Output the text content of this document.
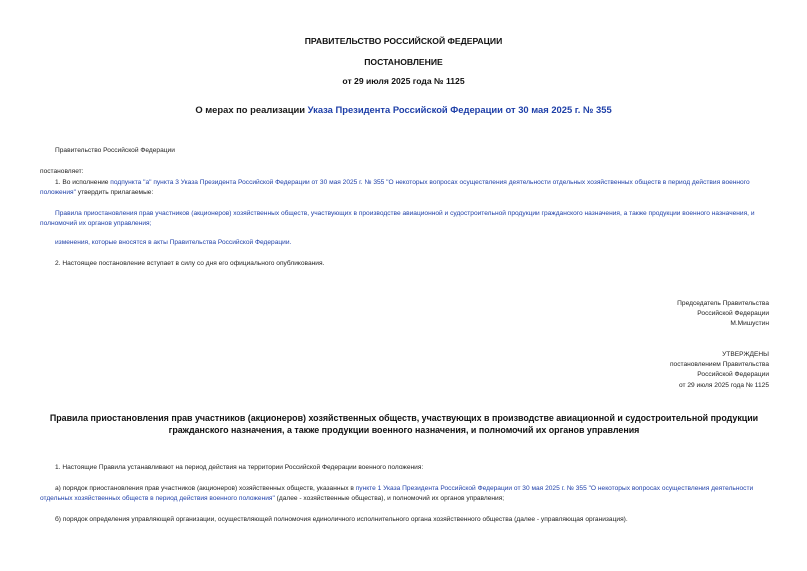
ПРАВИТЕЛЬСТВО РОССИЙСКОЙ ФЕДЕРАЦИИ
ПОСТАНОВЛЕНИЕ
от 29 июля 2025 года № 1125
О мерах по реализации Указа Президента Российской Федерации от 30 мая 2025 г. № 355
Правительство Российской Федерации
постановляет:
1. Во исполнение подпункта "а" пункта 3 Указа Президента Российской Федерации от 30 мая 2025 г. № 355 "О некоторых вопросах осуществления деятельности отдельных хозяйственных обществ в период действия военного положения" утвердить прилагаемые:
Правила приостановления прав участников (акционеров) хозяйственных обществ, участвующих в производстве авиационной и судостроительной продукции гражданского назначения, а также продукции военного назначения, и полномочий их органов управления;
изменения, которые вносятся в акты Правительства Российской Федерации.
2. Настоящее постановление вступает в силу со дня его официального опубликования.
Председатель Правительства
Российской Федерации
М.Мишустин
УТВЕРЖДЕНЫ
постановлением Правительства
Российской Федерации
от 29 июля 2025 года № 1125
Правила приостановления прав участников (акционеров) хозяйственных обществ, участвующих в производстве авиационной и судостроительной продукции гражданского назначения, а также продукции военного назначения, и полномочий их органов управления
1. Настоящие Правила устанавливают на период действия на территории Российской Федерации военного положения:
а) порядок приостановления прав участников (акционеров) хозяйственных обществ, указанных в пункте 1 Указа Президента Российской Федерации от 30 мая 2025 г. № 355 "О некоторых вопросах осуществления деятельности отдельных хозяйственных обществ в период действия военного положения" (далее - хозяйственные общества), и полномочий их органов управления;
б) порядок определения управляющей организации, осуществляющей полномочия единоличного исполнительного органа хозяйственного общества (далее - управляющая организация).
